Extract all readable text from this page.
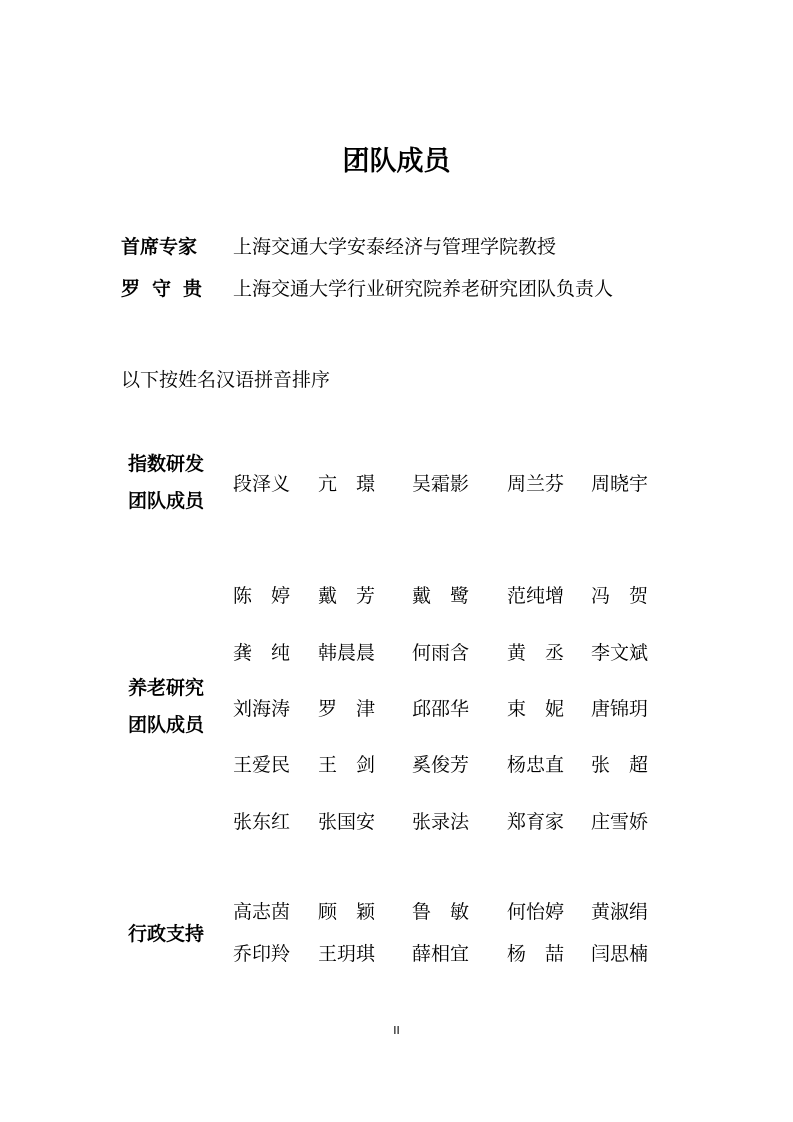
团队成员
首席专家 上海交通大学安泰经济与管理学院教授
罗守贵 上海交通大学行业研究院养老研究团队负责人
以下按姓名汉语拼音排序
指数研发
团队成员
养老研究
团队成员
行政支持
段泽义 亢　璟 吴霜影 周兰芬 周晓宇
陈　婷 戴　芳 戴　鹭 范纯增 冯　贺
龚　纯 韩晨晨 何雨含 黄　丞 李文斌
刘海涛 罗　津 邱邵华 束　妮 唐锦玥
王爱民 王　剑 奚俊芳 杨忠直 张　超
张东红 张国安 张录法 郑育家 庄雪娇
高志茵 顾　颖 鲁　敏 何怡婷 黄淑绢
乔印羚 王玥琪 薛相宜 杨　喆 闫思楠
II
